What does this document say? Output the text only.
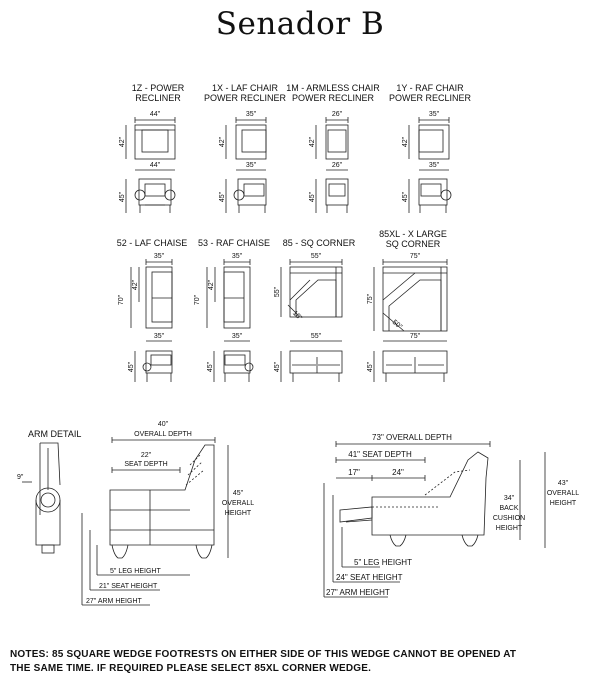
Senador B
1Z - POWER
RECLINER
1X - LAF CHAIR
POWER RECLINER
1M - ARMLESS CHAIR
POWER RECLINER
1Y - RAF CHAIR
POWER RECLINER
44"
42"
44"
45"
35"
42"
35"
45"
26"
42"
26"
45"
35"
42"
35"
45"
52 - LAF CHAISE 53 - RAF CHAISE 85 - SQ CORNER
85XL - X LARGE
SQ CORNER
35"
42"
70"
35"
45"
35"
42"
70"
35"
45"
55"
55"
18"
55"
45"
75"
75"
50"
75"
45"
ARM DETAIL
9"
40"
OVERALL DEPTH
22"
SEAT DEPTH
45"
OVERALL
HEIGHT
5" LEG HEIGHT
21" SEAT HEIGHT
27" ARM HEIGHT
73" OVERALL DEPTH
41" SEAT DEPTH
17"	24"
34"
BACK
CUSHION
HEIGHT
43"
OVERALL
HEIGHT
5" LEG HEIGHT
24" SEAT HEIGHT
27" ARM HEIGHT
NOTES: 85 SQUARE WEDGE FOOTRESTS ON EITHER SIDE OF THIS WEDGE CANNOT BE OPENED AT
THE SAME TIME. IF REQUIRED PLEASE SELECT 85XL CORNER WEDGE.
